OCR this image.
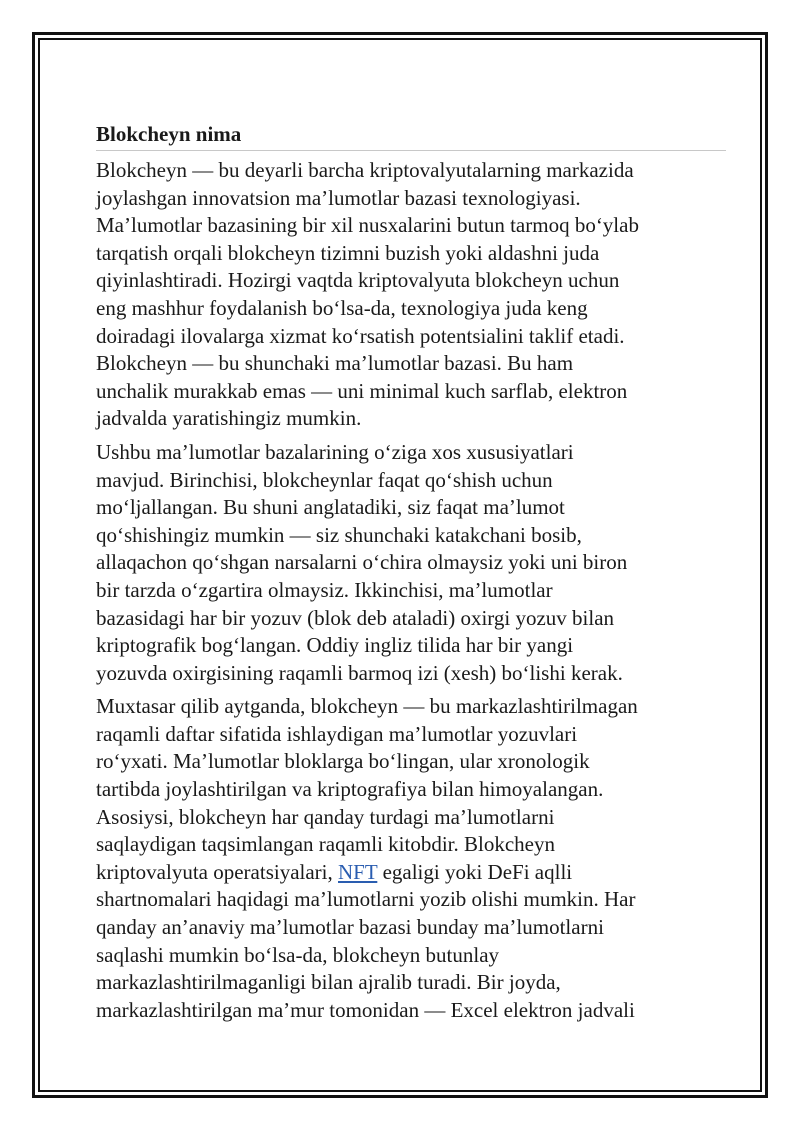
Blokcheyn nima

Blokcheyn — bu deyarli barcha kriptovalyutalarning markazida
joylashgan innovatsion ma’lumotlar bazasi texnologiyasi.
Ma’lumotlar bazasining bir xil nusxalarini butun tarmoq bo‘ylab
tarqatish orqali blokcheyn tizimni buzish yoki aldashni juda
qiyinlashtiradi. Hozirgi vaqtda kriptovalyuta blokcheyn uchun
eng mashhur foydalanish bo‘lsa-da, texnologiya juda keng
doiradagi ilovalarga xizmat ko‘rsatish potentsialini taklif etadi.
Blokcheyn — bu shunchaki ma’lumotlar bazasi. Bu ham
unchalik murakkab emas — uni minimal kuch sarflab, elektron
jadvalda yaratishingiz mumkin.

Ushbu ma’lumotlar bazalarining o‘ziga xos xususiyatlari
mavjud. Birinchisi, blokcheynlar faqat qo‘shish uchun
mo‘ljallangan. Bu shuni anglatadiki, siz faqat ma’lumot
qo‘shishingiz mumkin — siz shunchaki katakchani bosib,
allaqachon qo‘shgan narsalarni o‘chira olmaysiz yoki uni biron
bir tarzda o‘zgartira olmaysiz. Ikkinchisi, ma’lumotlar
bazasidagi har bir yozuv (blok deb ataladi) oxirgi yozuv bilan
kriptografik bog‘langan. Oddiy ingliz tilida har bir yangi
yozuvda oxirgisining raqamli barmoq izi (xesh) bo‘lishi kerak.

Muxtasar qilib aytganda, blokcheyn — bu markazlashtirilmagan
raqamli daftar sifatida ishlaydigan ma’lumotlar yozuvlari
ro‘yxati. Ma’lumotlar bloklarga bo‘lingan, ular xronologik
tartibda joylashtirilgan va kriptografiya bilan himoyalangan.
Asosiysi, blokcheyn har qanday turdagi ma’lumotlarni
saqlaydigan taqsimlangan raqamli kitobdir. Blokcheyn
kriptovalyuta operatsiyalari, NFT egaligi yoki DeFi aqlli
shartnomalari haqidagi ma’lumotlarni yozib olishi mumkin. Har
qanday an’anaviy ma’lumotlar bazasi bunday ma’lumotlarni
saqlashi mumkin bo‘lsa-da, blokcheyn butunlay
markazlashtirilmaganligi bilan ajralib turadi. Bir joyda,
markazlashtirilgan ma’mur tomonidan — Excel elektron jadvali
